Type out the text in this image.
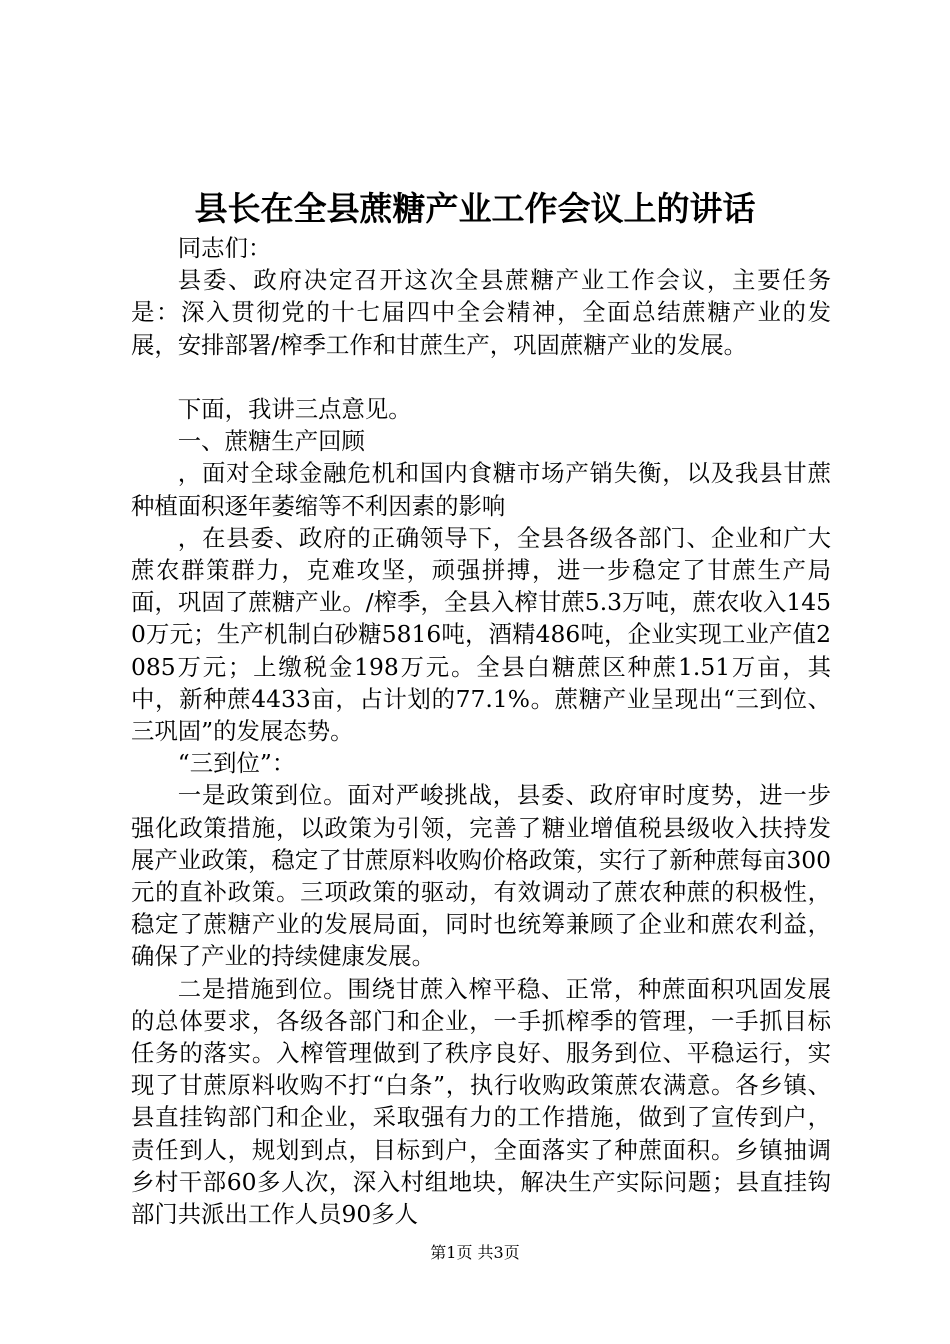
县长在全县蔗糖产业工作会议上的讲话

同志们：

县委、政府决定召开这次全县蔗糖产业工作会议，主要任务是：深入贯彻党的十七届四中全会精神，全面总结蔗糖产业的发展，安排部署/榨季工作和甘蔗生产，巩固蔗糖产业的发展。

下面，我讲三点意见。

一、蔗糖生产回顾

，面对全球金融危机和国内食糖市场产销失衡，以及我县甘蔗种植面积逐年萎缩等不利因素的影响

，在县委、政府的正确领导下，全县各级各部门、企业和广大蔗农群策群力，克难攻坚，顽强拼搏，进一步稳定了甘蔗生产局面，巩固了蔗糖产业。/榨季，全县入榨甘蔗5.3万吨，蔗农收入1450万元；生产机制白砂糖5816吨，酒精486吨，企业实现工业产值2085万元；上缴税金198万元。全县白糖蔗区种蔗1.51万亩，其中，新种蔗4433亩，占计划的77.1%。蔗糖产业呈现出“三到位、三巩固”的发展态势。

“三到位”：

一是政策到位。面对严峻挑战，县委、政府审时度势，进一步强化政策措施，以政策为引领，完善了糖业增值税县级收入扶持发展产业政策，稳定了甘蔗原料收购价格政策，实行了新种蔗每亩300元的直补政策。三项政策的驱动，有效调动了蔗农种蔗的积极性，稳定了蔗糖产业的发展局面，同时也统筹兼顾了企业和蔗农利益，确保了产业的持续健康发展。

二是措施到位。围绕甘蔗入榨平稳、正常，种蔗面积巩固发展的总体要求，各级各部门和企业，一手抓榨季的管理，一手抓目标任务的落实。入榨管理做到了秩序良好、服务到位、平稳运行，实现了甘蔗原料收购不打“白条”，执行收购政策蔗农满意。各乡镇、县直挂钩部门和企业，采取强有力的工作措施，做到了宣传到户，责任到人，规划到点，目标到户，全面落实了种蔗面积。乡镇抽调乡村干部60多人次，深入村组地块，解决生产实际问题；县直挂钩部门共派出工作人员90多人

第1页 共3页
